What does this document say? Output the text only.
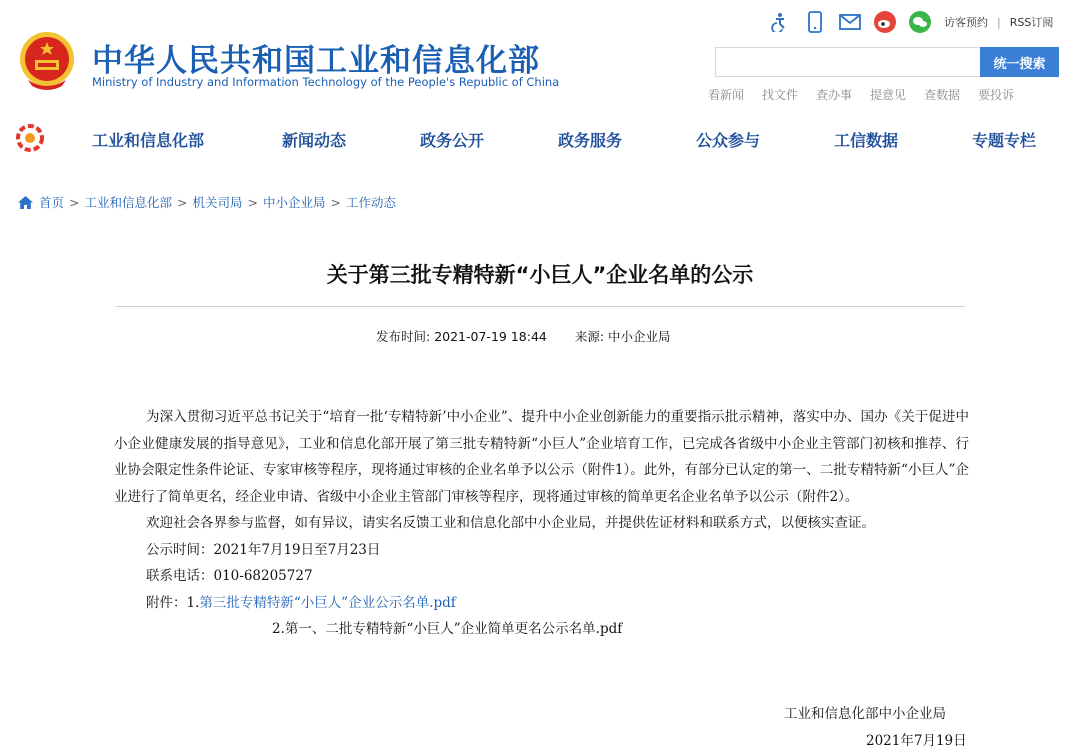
中华人民共和国工业和信息化部
Ministry of Industry and Information Technology of the People's Republic of China
访客预约 | RSS订阅
统一搜索
看新闻 找文件 查办事 提意见 查数据 要投诉
工业和信息化部	新闻动态	政务公开	政务服务	公众参与	工信数据	专题专栏
首页 > 工业和信息化部 > 机关司局 > 中小企业局 > 工作动态
关于第三批专精特新“小巨人”企业名单的公示
发布时间: 2021-07-19 18:44 来源: 中小企业局

为深入贯彻习近平总书记关于“培育一批‘专精特新’中小企业”、提升中小企业创新能力的重要指示批示精神，落实中办、国办《关于促进中小企业健康发展的指导意见》，工业和信息化部开展了第三批专精特新“小巨人”企业培育工作，已完成各省级中小企业主管部门初核和推荐、行业协会限定性条件论证、专家审核等程序，现将通过审核的企业名单予以公示（附件1）。此外，有部分已认定的第一、二批专精特新“小巨人”企业进行了简单更名，经企业申请、省级中小企业主管部门审核等程序，现将通过审核的简单更名企业名单予以公示（附件2）。

欢迎社会各界参与监督，如有异议，请实名反馈工业和信息化部中小企业局，并提供佐证材料和联系方式，以便核实查证。

公示时间：2021年7月19日至7月23日

联系电话：010-68205727

附件：1.第三批专精特新“小巨人”企业公示名单.pdf

2.第一、二批专精特新“小巨人”企业简单更名公示名单.pdf

工业和信息化部中小企业局
2021年7月19日
